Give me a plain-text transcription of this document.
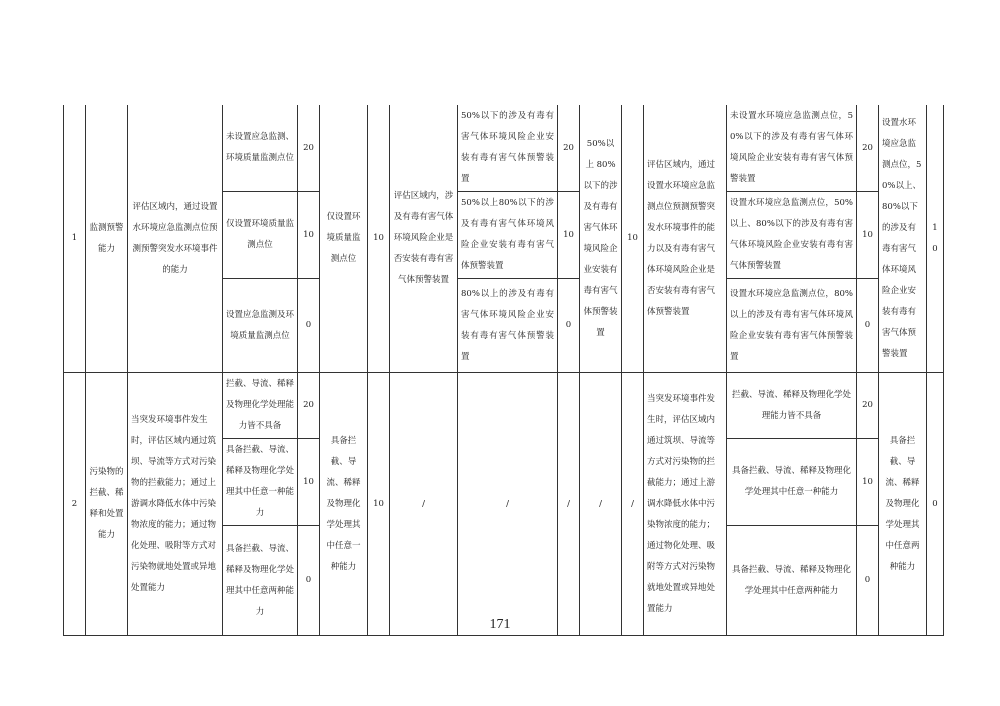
1	监测预警能力	评估区域内，通过设置水环境应急监测点位预测预警突发水环境事件的能力	未设置应急监测、环境质量监测点位	20	仅设置环境质量监测点位	10	评估区域内，涉及有毒有害气体环境风险企业是否安装有毒有害气体预警装置	50%以下的涉及有毒有害气体环境风险企业安装有毒有害气体预警装置	20	50%以上 80%以下的涉及有毒有害气体环境风险企业安装有毒有害气体预警装置	10	评估区域内，通过设置水环境应急监测点位预测预警突发水环境事件的能力以及有毒有害气体环境风险企业是否安装有毒有害气体预警装置	未设置水环境应急监测点位，50%以下的涉及有毒有害气体环境风险企业安装有毒有害气体预警装置	20	设置水环境应急监测点位，50%以上、80%以下的涉及有毒有害气体环境风险企业安装有毒有害气体预警装置	10
			仅设置环境质量监测点位	10				50%以上80%以下的涉及有毒有害气体环境风险企业安装有毒有害气体预警装置	10				设置水环境应急监测点位，50%以上、80%以下的涉及有毒有害气体环境风险企业安装有毒有害气体预警装置	10		
			设置应急监测及环境质量监测点位	0				80%以上的涉及有毒有害气体环境风险企业安装有毒有害气体预警装置	0				设置水环境应急监测点位，80%以上的涉及有毒有害气体环境风险企业安装有毒有害气体预警装置	0		
2	污染物的拦截、稀释和处置能力	当突发环境事件发生时，评估区域内通过筑坝、导流等方式对污染物的拦截能力；通过上游调水降低水体中污染物浓度的能力；通过物化处理、吸附等方式对污染物就地处置或异地处置能力	拦截、导流、稀释及物理化学处理能力皆不具备	20	具备拦截、导流、稀释及物理化学处理其中任意一种能力	10	/	/	/	/	/	当突发环境事件发生时，评估区域内通过筑坝、导流等方式对污染物的拦截能力；通过上游调水降低水体中污染物浓度的能力；通过物化处理、吸附等方式对污染物就地处置或异地处置能力	拦截、导流、稀释及物理化学处理能力皆不具备	20	具备拦截、导流、稀释及物理化学处理其中任意两种能力	0
			具备拦截、导流、稀释及物理化学处理其中任意一种能力	10									具备拦截、导流、稀释及物理化学处理其中任意一种能力	10		
			具备拦截、导流、稀释及物理化学处理其中任意两种能力	0									具备拦截、导流、稀释及物理化学处理其中任意两种能力	0		
171
